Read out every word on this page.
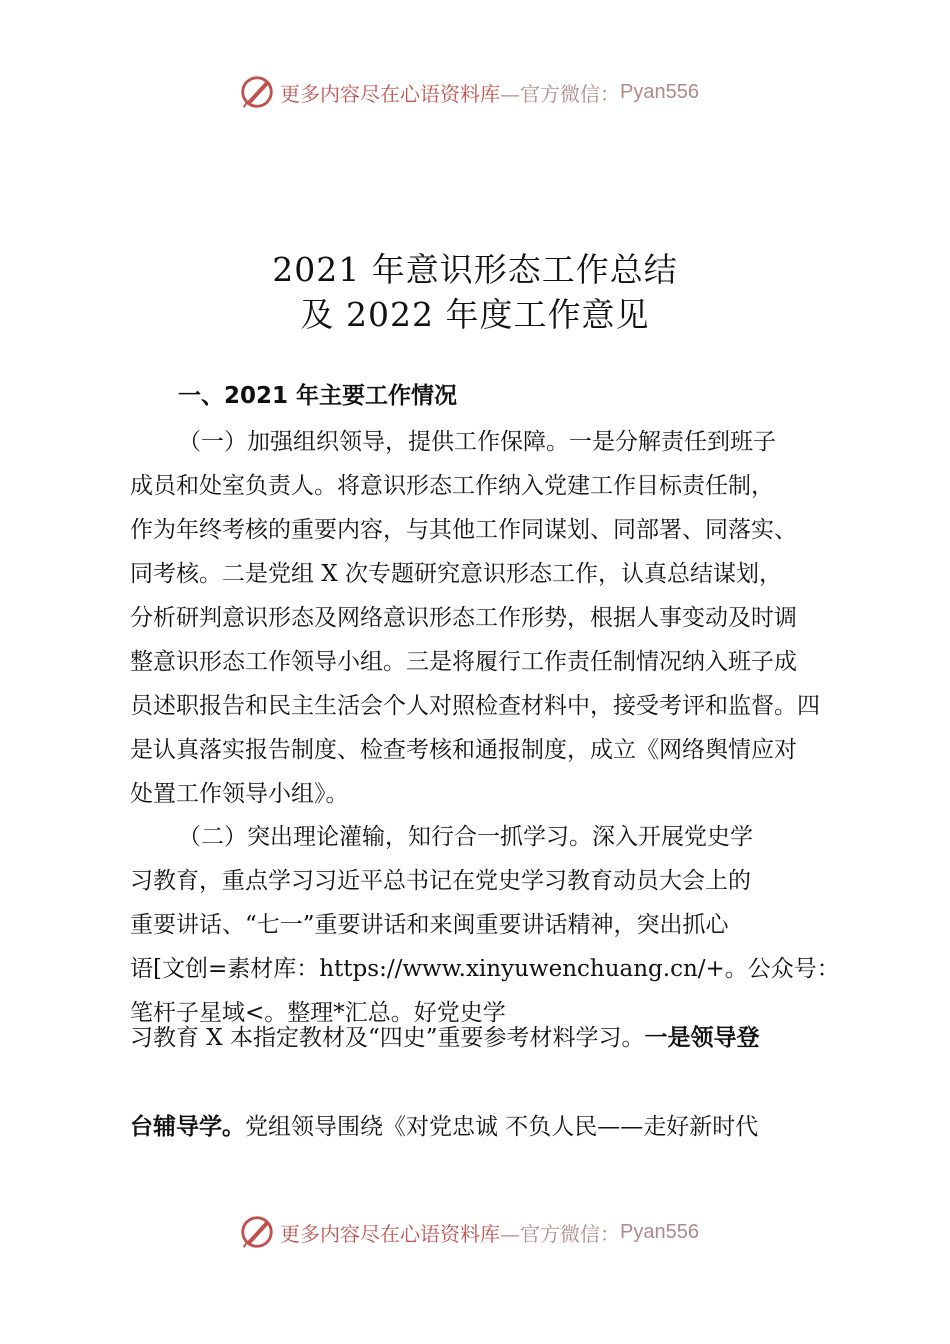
更多内容尽在心语资料库 —官方微信： Pyan556
2021 年意识形态工作总结
及 2022 年度工作意见
一、2021 年主要工作情况
（一）加强组织领导，提供工作保障。一是分解责任到班子
成员和处室负责人。将意识形态工作纳入党建工作目标责任制，
作为年终考核的重要内容，与其他工作同谋划、同部署、同落实、
同考核。二是党组 X 次专题研究意识形态工作，认真总结谋划，
分析研判意识形态及网络意识形态工作形势，根据人事变动及时调
整意识形态工作领导小组。三是将履行工作责任制情况纳入班子成
员述职报告和民主生活会个人对照检查材料中，接受考评和监督。四
是认真落实报告制度、检查考核和通报制度，成立《网络舆情应对
处置工作领导小组》。
（二）突出理论灌输，知行合一抓学习。深入开展党史学
习教育，重点学习习近平总书记在党史学习教育动员大会上的
重要讲话、“七一”重要讲话和来闽重要讲话精神，突出抓心
语[文创=素材库：https://www.xinyuwenchuang.cn/+。公众号：
笔杆子星域<。整理*汇总。好党史学
习教育 X 本指定教材及“四史”重要参考材料学习。一是领导登
台辅导学。党组领导围绕《对党忠诚 不负人民——走好新时代
更多内容尽在心语资料库 —官方微信： Pyan556
